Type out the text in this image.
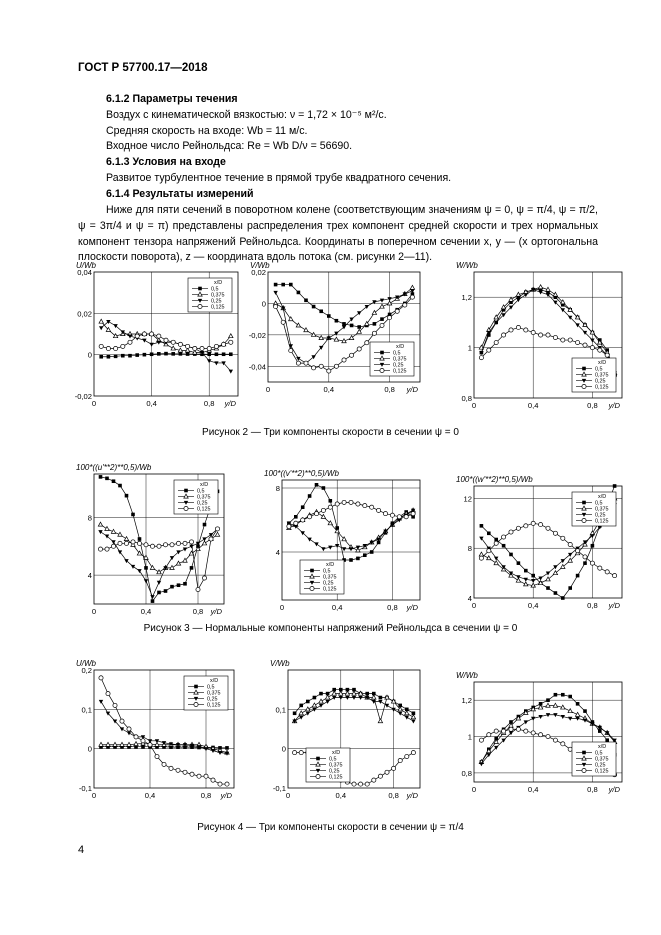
ГОСТ Р 57700.17—2018

6.1.2 Параметры течения

Воздух с кинематической вязкостью: ν = 1,72 × 10⁻⁵ м²/с.

Средняя скорость на входе: Wb = 11 м/с.

Входное число Рейнольдса: Re = Wb D/ν = 56690.

6.1.3 Условия на входе

Развитое турбулентное течение в прямой трубе квадратного сечения.

6.1.4 Результаты измерений

Ниже для пяти сечений в поворотном колене (соответствующим значениям ψ = 0, ψ = π/4, ψ = π/2, ψ = 3π/4 и ψ = π) представлены распределения трех компонент средней скорости и трех нормальных компонент тензора напряжений Рейнольдса. Координаты в поперечном сечении x, y — (x ортогональна плоскости поворота), z — координата вдоль потока (см. рисунки 2—11).

0	0,4	0,8
0,04
0,02
0
-0,02
U/Wb
y/D
x/D
0,5
0,375
0,25
0,125
0	0,4	0,8
0,02
0
-0,02
-0,04
V/Wb
y/D
x/D
0,5
0,375
0,25
0,125
0	0,4	0,8
1,2
1
0,8
W/Wb
y/D
x/D
0,5
0,375
0,25
0,125
0	0,4	0,8
8
4
100*((u'**2)**0,5)/Wb
y/D
x/D
0,5
0,375
0,25
0,125
0	0,4	0,8
8
4
100*((v'**2)**0,5)/Wb
y/D
x/D
0,5
0,375
0,25
0,125
0	0,4	0,8
12
8
4
100*((w'**2)**0,5)/Wb
y/D
x/D
0,5
0,375
0,25
0,125
0	0,4	0,8
0,2
0,1
0
-0,1
U/Wb
y/D
x/D
0,5
0,375
0,25
0,125
0	0,4	0,8
0,1
0
-0,1
V/Wb
y/D
x/D
0,5
0,375
0,25
0,125
0	0,4	0,8
1,2
1
0,8
W/Wb
y/D
x/D
0,5
0,375
0,25
0,125
Рисунок 2 — Три компоненты скорости в сечении ψ = 0
Рисунок 3 — Нормальные компоненты напряжений Рейнольдса в сечении ψ = 0
Рисунок 4 — Три компоненты скорости в сечении ψ = π/4
4
